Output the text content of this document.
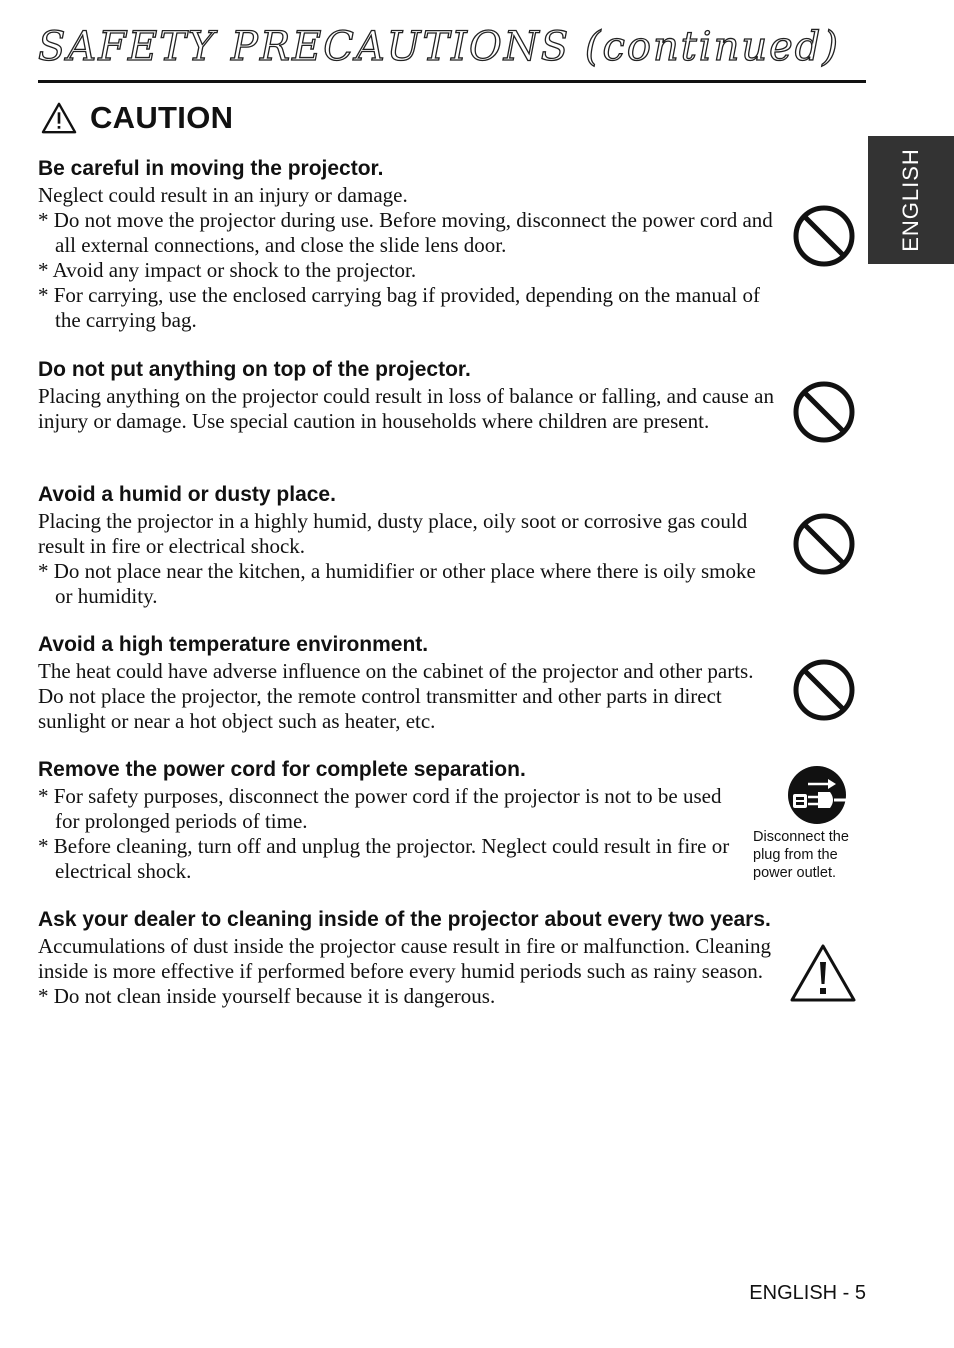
SAFETY PRECAUTIONS (continued)
CAUTION
ENGLISH
Be careful in moving the projector.

Neglect could result in an injury or damage.

* Do not move the projector during use. Before moving, disconnect the power cord and all external connections, and close the slide lens door.

* Avoid any impact or shock to the projector.

* For carrying, use the enclosed carrying bag if provided, depending on the manual of the carrying bag.

Do not put anything on top of the projector.

Placing anything on the projector could result in loss of balance or falling, and cause an injury or damage. Use special caution in households where children are present.

Avoid a humid or dusty place.

Placing the projector in a highly humid, dusty place, oily soot or corrosive gas could result in fire or electrical shock.

* Do not place near the kitchen, a humidifier or other place where there is oily smoke or humidity.

Avoid a high temperature environment.

The heat could have adverse influence on the cabinet of the projector and other parts. Do not place the projector, the remote control transmitter and other parts in direct sunlight or near a hot object such as heater, etc.

Remove the power cord for complete separation.

* For safety purposes, disconnect the power cord if the projector is not to be used for prolonged periods of time.

* Before cleaning, turn off and unplug the projector. Neglect could result in fire or electrical shock.

Disconnect the plug from the power outlet.
Ask your dealer to cleaning inside of the projector about every two years.

Accumulations of dust inside the projector cause result in fire or malfunction. Cleaning inside is more effective if performed before every humid periods such as rainy season.

* Do not clean inside yourself because it is dangerous.

ENGLISH - 5
